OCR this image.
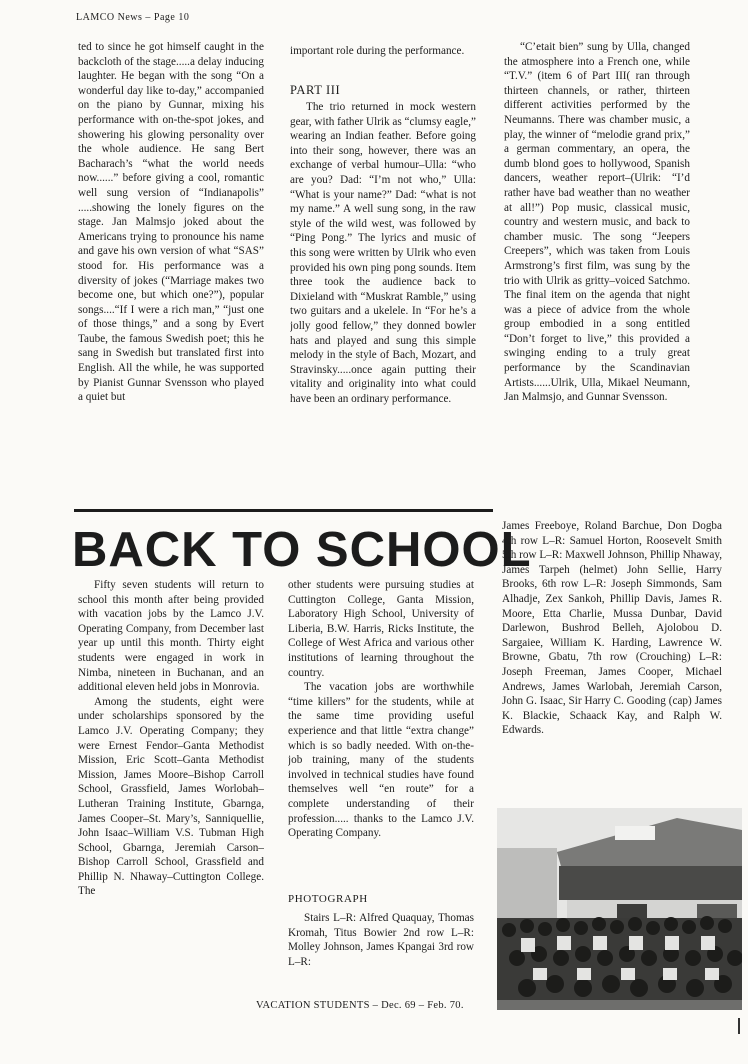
LAMCO News – Page 10

ted to since he got himself caught in the backcloth of the stage.....a delay inducing laughter. He began with the song “On a wonderful day like to-day,” accompanied on the piano by Gunnar, mixing his performance with on-the-spot jokes, and showering his glowing personality over the whole audience. He sang Bert Bacharach’s “what the world needs now......” before giving a cool, romantic well sung version of “Indianapolis” .....showing the lonely figures on the stage. Jan Malmsjo joked about the Americans trying to pronounce his name and gave his own version of what “SAS” stood for. His performance was a diversity of jokes (“Marriage makes two become one, but which one?”), popular songs....“If I were a rich man,” “just one of those things,” and a song by Evert Taube, the famous Swedish poet; this he sang in Swedish but translated first into English. All the while, he was supported by Pianist Gunnar Svensson who played a quiet but

important role during the performance.

PART III

The trio returned in mock western gear, with father Ulrik as “clumsy eagle,” wearing an Indian feather. Before going into their song, however, there was an exchange of verbal humour–Ulla: “who are you? Dad: “I’m not who,” Ulla: “What is your name?” Dad: “what is not my name.” A well sung song, in the raw style of the wild west, was followed by “Ping Pong.” The lyrics and music of this song were written by Ulrik who even provided his own ping pong sounds. Item three took the audience back to Dixieland with “Muskrat Ramble,” using two guitars and a ukelele. In “For he’s a jolly good fellow,” they donned bowler hats and played and sung this simple melody in the style of Bach, Mozart, and Stravinsky.....once again putting their vitality and originality into what could have been an ordinary performance.

“C’etait bien” sung by Ulla, changed the atmosphere into a French one, while “T.V.” (item 6 of Part III( ran through thirteen channels, or rather, thirteen different activities performed by the Neumanns. There was chamber music, a play, the winner of “melodie grand prix,” a german commentary, an opera, the dumb blond goes to hollywood, Spanish dancers, weather report–(Ulrik: “I’d rather have bad weather than no weather at all!”) Pop music, classical music, country and western music, and back to chamber music. The song “Jeepers Creepers”, which was taken from Louis Armstrong’s first film, was sung by the trio with Ulrik as gritty–voiced Satchmo. The final item on the agenda that night was a piece of advice from the whole group embodied in a song entitled “Don’t forget to live,” this provided a swinging ending to a truly great performance by the Scandinavian Artists......Ulrik, Ulla, Mikael Neumann, Jan Malmsjo, and Gunnar Svensson.

BACK TO SCHOOL

Fifty seven students will return to school this month after being provided with vacation jobs by the Lamco J.V. Operating Company, from December last year up until this month. Thirty eight students were engaged in work in Nimba, nineteen in Buchanan, and an additional eleven held jobs in Monrovia.

Among the students, eight were under scholarships sponsored by the Lamco J.V. Operating Company; they were Ernest Fendor–Ganta Methodist Mission, Eric Scott–Ganta Methodist Mission, James Moore–Bishop Carroll School, Grassfield, James Worlobah–Lutheran Training Institute, Gbarnga, James Cooper–St. Mary’s, Sanniquellie, John Isaac–William V.S. Tubman High School, Gbarnga, Jeremiah Carson–Bishop Carroll School, Grassfield and Phillip N. Nhaway–Cuttington College. The

other students were pursuing studies at Cuttington College, Ganta Mission, Laboratory High School, University of Liberia, B.W. Harris, Ricks Institute, the College of West Africa and various other institutions of learning throughout the country.

The vacation jobs are worthwhile “time killers” for the students, while at the same time providing useful experience and that little “extra change” which is so badly needed. With on-the-job training, many of the students involved in technical studies have found themselves well “en route” for a complete understanding of their profession..... thanks to the Lamco J.V. Operating Company.

PHOTOGRAPH

Stairs L–R: Alfred Quaquay, Thomas Kromah, Titus Bowier 2nd row L–R: Molley Johnson, James Kpangai 3rd row L–R:

James Freeboye, Roland Barchue, Don Dogba 4th row L–R: Samuel Horton, Roosevelt Smith 5th row L–R: Maxwell Johnson, Phillip Nhaway, James Tarpeh (helmet) John Sellie, Harry Brooks, 6th row L–R: Joseph Simmonds, Sam Alhadje, Zex Sankoh, Phillip Davis, James R. Moore, Etta Charlie, Mussa Dunbar, David Darlewon, Bushrod Belleh, Ajolobou D. Sargaiee, William K. Harding, Lawrence W. Browne, Gbatu, 7th row (Crouching) L–R: Joseph Freeman, James Cooper, Michael Andrews, James Warlobah, Jeremiah Carson, John G. Isaac, Sir Harry C. Gooding (cap) James K. Blackie, Schaack Kay, and Ralph W. Edwards.

VACATION STUDENTS – Dec. 69 – Feb. 70.
